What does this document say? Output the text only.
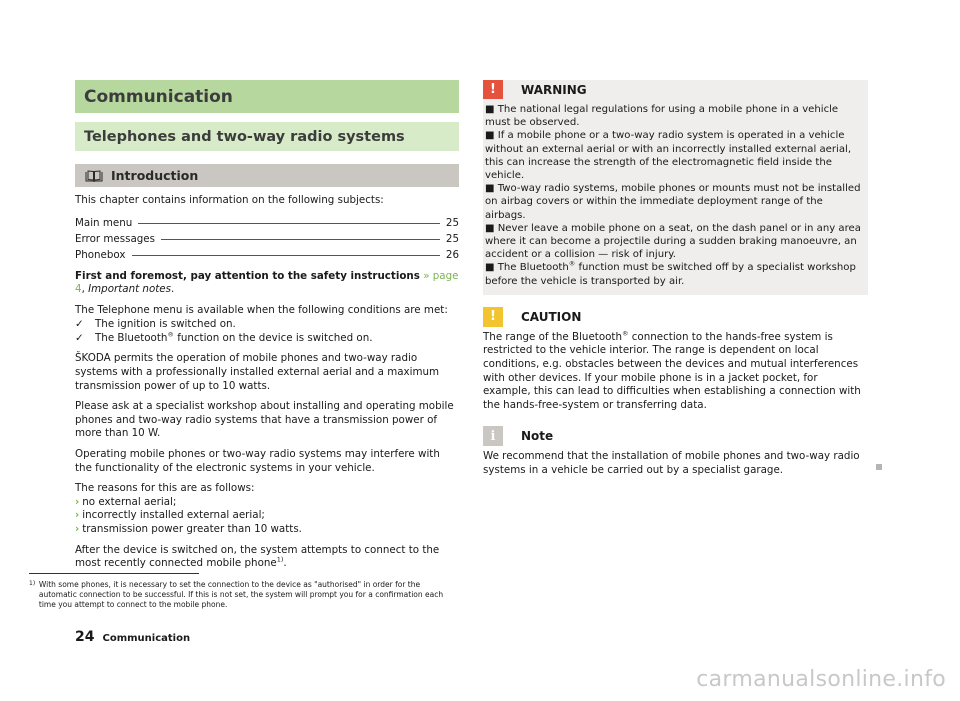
Communication
Telephones and two-way radio systems
Introduction

This chapter contains information on the following subjects:

Main menu	25
Error messages	25
Phonebox	26

First and foremost, pay attention to the safety instructions » page 4, Important notes.

The Telephone menu is available when the following conditions are met:

✓	The ignition is switched on.
✓	The Bluetooth® function on the device is switched on.

ŠKODA permits the operation of mobile phones and two-way radio systems with a professionally installed external aerial and a maximum transmission power of up to 10 watts.

Please ask at a specialist workshop about installing and operating mobile phones and two-way radio systems that have a transmission power of more than 10 W.

Operating mobile phones or two-way radio systems may interfere with the functionality of the electronic systems in your vehicle.

The reasons for this are as follows:

› no external aerial;
› incorrectly installed external aerial;
› transmission power greater than 10 watts.

After the device is switched on, the system attempts to connect to the most recently connected mobile phone$^{1)}$.

!	WARNING

■ The national legal regulations for using a mobile phone in a vehicle must be observed.

■ If a mobile phone or a two-way radio system is operated in a vehicle without an external aerial or with an incorrectly installed external aerial, this can increase the strength of the electromagnetic field inside the vehicle.

■ Two-way radio systems, mobile phones or mounts must not be installed on airbag covers or within the immediate deployment range of the airbags.

■ Never leave a mobile phone on a seat, on the dash panel or in any area where it can become a projectile during a sudden braking manoeuvre, an accident or a collision — risk of injury.

■ The Bluetooth® function must be switched off by a specialist workshop before the vehicle is transported by air.

!	CAUTION

The range of the Bluetooth® connection to the hands-free system is restricted to the vehicle interior. The range is dependent on local conditions, e.g. obstacles between the devices and mutual interferences with other devices. If your mobile phone is in a jacket pocket, for example, this can lead to difficulties when establishing a connection with the hands-free-system or transferring data.

i	Note

We recommend that the installation of mobile phones and two-way radio systems in a vehicle be carried out by a specialist garage.

1) With some phones, it is necessary to set the connection to the device as "authorised" in order for the automatic connection to be successful. If this is not set, the system will prompt you for a confirmation each time you attempt to connect to the mobile phone.
24 Communication
carmanualsonline.info
